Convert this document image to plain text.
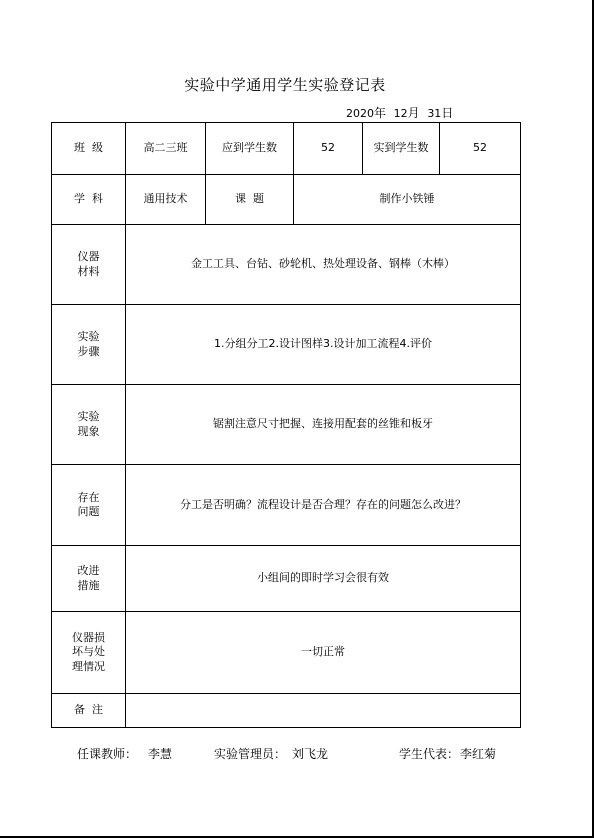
实验中学通用学生实验登记表
2020年 12月 31日
班  级	高二三班	应到学生数	52	实到学生数	52
学  科	通用技术	课  题	制作小铁锤		
仪器
材料	金工工具、台钻、砂轮机、热处理设备、钢棒（木棒）				
实验
步骤	1.分组分工2.设计图样3.设计加工流程4.评价				
实验
现象	锯割注意尺寸把握、连接用配套的丝锥和板牙				
存在
问题	分工是否明确？流程设计是否合理？存在的问题怎么改进？				
改进
措施	小组间的即时学习会很有效				
仪器损
坏与处
理情况	一切正常				
备  注					
任课教师： 李慧	实验管理员： 刘飞龙	学生代表： 李红菊
